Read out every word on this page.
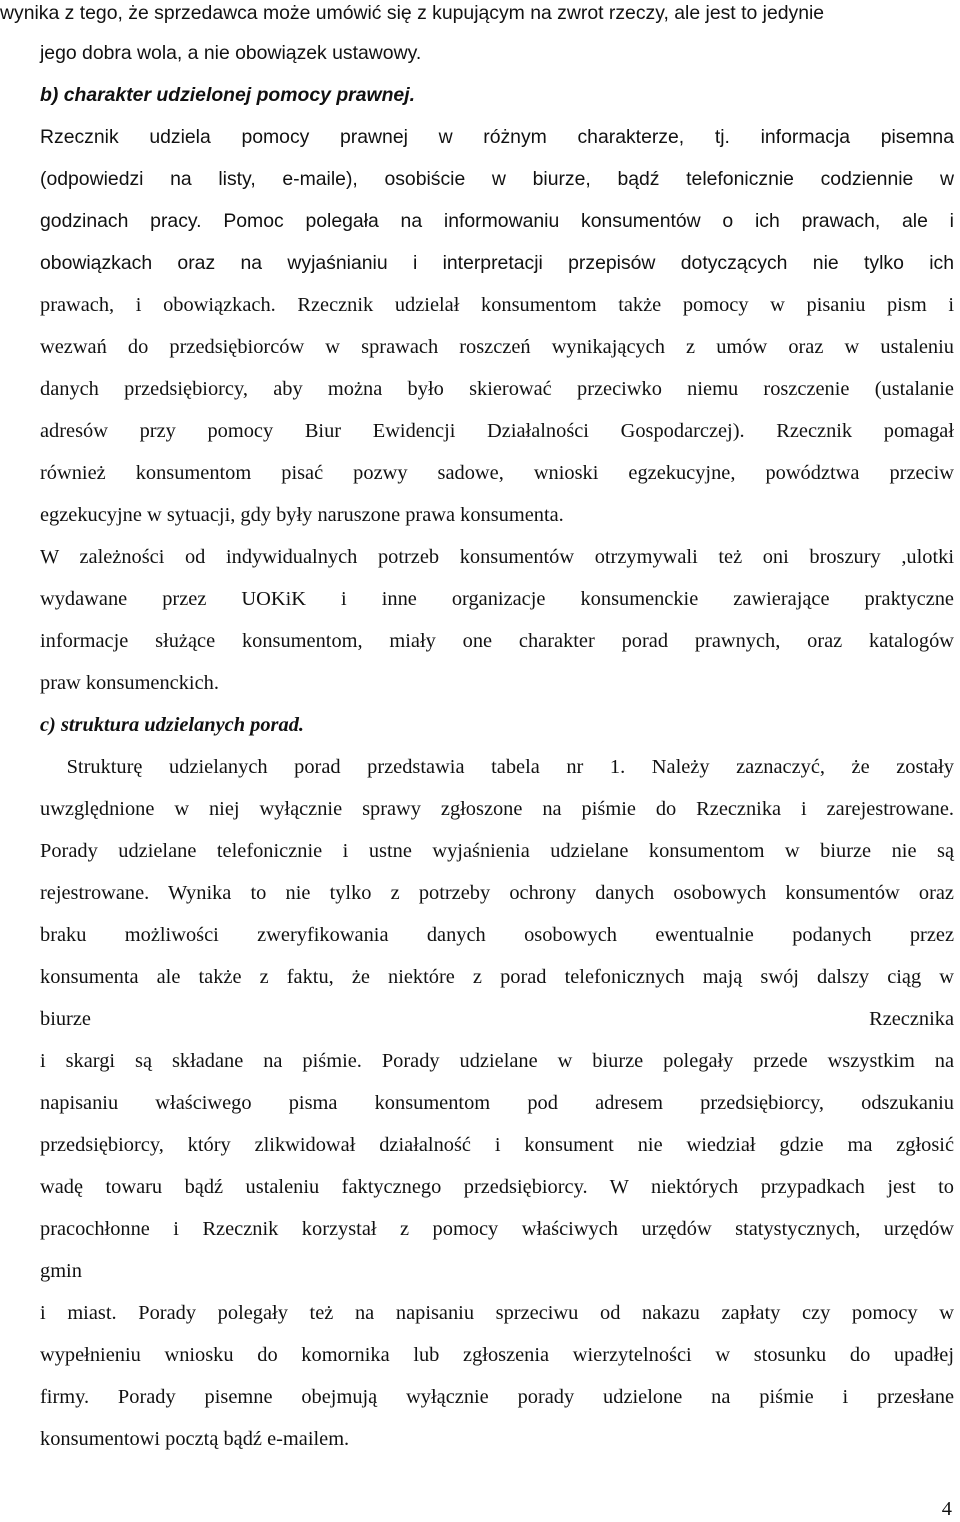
wynika z tego, że sprzedawca może umówić się z kupującym na zwrot rzeczy, ale jest to jedynie
jego dobra wola, a nie obowiązek ustawowy.
b) charakter udzielonej pomocy prawnej.
Rzecznik udziela pomocy prawnej w różnym charakterze, tj. informacja pisemna
(odpowiedzi na listy, e-maile), osobiście w biurze, bądź telefonicznie codziennie w
godzinach pracy. Pomoc polegała na informowaniu konsumentów o ich prawach, ale i
obowiązkach oraz na wyjaśnianiu i interpretacji przepisów dotyczących nie tylko ich
prawach, i obowiązkach. Rzecznik udzielał konsumentom także pomocy w pisaniu pism i
wezwań do przedsiębiorców w sprawach roszczeń wynikających z umów oraz w ustaleniu
danych przedsiębiorcy, aby można było skierować przeciwko niemu roszczenie (ustalanie
adresów przy pomocy Biur Ewidencji Działalności Gospodarczej). Rzecznik pomagał
również konsumentom pisać pozwy sadowe, wnioski egzekucyjne, powództwa przeciw
egzekucyjne w sytuacji, gdy były naruszone prawa konsumenta.
W zależności od indywidualnych potrzeb konsumentów otrzymywali też oni broszury ,ulotki
wydawane przez UOKiK i inne organizacje konsumenckie zawierające praktyczne
informacje służące konsumentom, miały one charakter porad prawnych, oraz katalogów
praw konsumenckich.
c) struktura udzielanych porad.
Strukturę udzielanych porad przedstawia tabela nr 1. Należy zaznaczyć, że zostały
uwzględnione w niej wyłącznie sprawy zgłoszone na piśmie do Rzecznika i zarejestrowane.
Porady udzielane telefonicznie i ustne wyjaśnienia udzielane konsumentom w biurze nie są
rejestrowane. Wynika to nie tylko z potrzeby ochrony danych osobowych konsumentów oraz
braku możliwości zweryfikowania danych osobowych ewentualnie podanych przez
konsumenta ale także z faktu, że niektóre z porad telefonicznych mają swój dalszy ciąg w
biurze Rzecznika
i skargi są składane na piśmie. Porady udzielane w biurze polegały przede wszystkim na
napisaniu właściwego pisma konsumentom pod adresem przedsiębiorcy, odszukaniu
przedsiębiorcy, który zlikwidował działalność i konsument nie wiedział gdzie ma zgłosić
wadę towaru bądź ustaleniu faktycznego przedsiębiorcy. W niektórych przypadkach jest to
pracochłonne i Rzecznik korzystał z pomocy właściwych urzędów statystycznych, urzędów
gmin
i miast. Porady polegały też na napisaniu sprzeciwu od nakazu zapłaty czy pomocy w
wypełnieniu wniosku do komornika lub zgłoszenia wierzytelności w stosunku do upadłej
firmy. Porady pisemne obejmują wyłącznie porady udzielone na piśmie i przesłane
konsumentowi pocztą bądź e-mailem.
4
